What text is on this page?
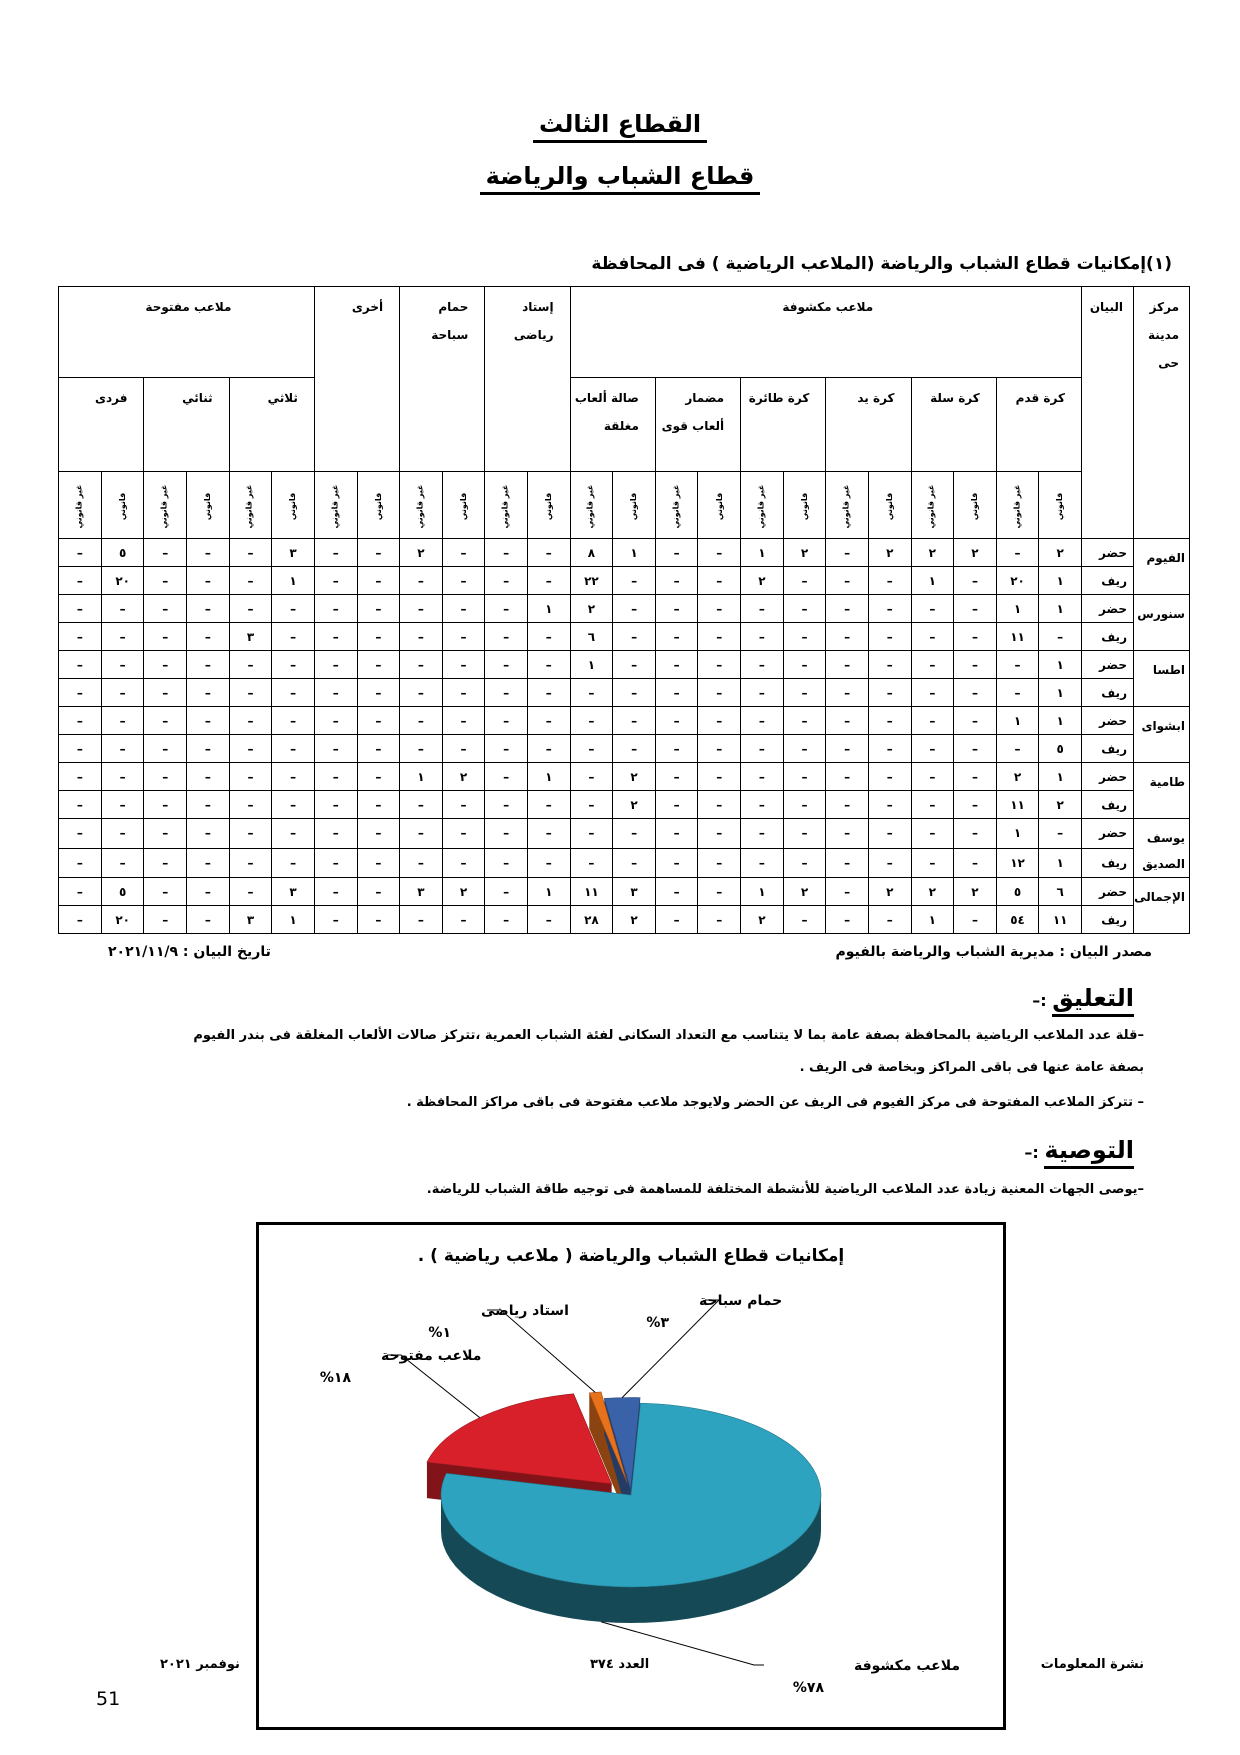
القطاع الثالث
قطاع الشباب والرياضة
(١)إمكانيات قطاع الشباب والرياضة (الملاعب الرياضية ) فى المحافظة
مركز مدينة حى	البيان	ملاعب مكشوفة												إستاد رياضى		حمام سباحة		أخرى		ملاعب مفتوحة					
		كرة قدم		كرة سلة		كرة يد		كرة طائرة		مضمار ألعاب قوى		صالة ألعاب مغلقة								ثلاثي		ثنائي		فردى	
		قانوني	غير قانوني	قانوني	غير قانوني	قانوني	غير قانوني	قانوني	غير قانوني	قانوني	غير قانوني	قانوني	غير قانوني	قانوني	غير قانوني	قانوني	غير قانوني	قانوني	غير قانوني	قانوني	غير قانوني	قانوني	غير قانوني	قانوني	غير قانوني
الفيوم	حضر	٢	–	٢	٢	٢	–	٢	١	–	–	١	٨	–	–	–	٢	–	–	٣	–	–	–	٥	–
	ريف	١	٢٠	–	١	–	–	–	٢	–	–	–	٢٢	–	–	–	–	–	–	١	–	–	–	٢٠	–
سنورس	حضر	١	١	–	–	–	–	–	–	–	–	–	٢	١	–	–	–	–	–	–	–	–	–	–	–
	ريف	–	١١	–	–	–	–	–	–	–	–	–	٦	–	–	–	–	–	–	–	٣	–	–	–	–
اطسا	حضر	١	–	–	–	–	–	–	–	–	–	–	١	–	–	–	–	–	–	–	–	–	–	–	–
	ريف	١	–	–	–	–	–	–	–	–	–	–	–	–	–	–	–	–	–	–	–	–	–	–	–
ابشواى	حضر	١	١	–	–	–	–	–	–	–	–	–	–	–	–	–	–	–	–	–	–	–	–	–	–
	ريف	٥	–	–	–	–	–	–	–	–	–	–	–	–	–	–	–	–	–	–	–	–	–	–	–
طامية	حضر	١	٢	–	–	–	–	–	–	–	–	٢	–	١	–	٢	١	–	–	–	–	–	–	–	–
	ريف	٢	١١	–	–	–	–	–	–	–	–	٢	–	–	–	–	–	–	–	–	–	–	–	–	–
يوسف الصديق	حضر	–	١	–	–	–	–	–	–	–	–	–	–	–	–	–	–	–	–	–	–	–	–	–	–
	ريف	١	١٢	–	–	–	–	–	–	–	–	–	–	–	–	–	–	–	–	–	–	–	–	–	–
الإجمالى	حضر	٦	٥	٢	٢	٢	–	٢	١	–	–	٣	١١	١	–	٢	٣	–	–	٣	–	–	–	٥	–
	ريف	١١	٥٤	–	١	–	–	–	٢	–	–	٢	٢٨	–	–	–	–	–	–	١	٣	–	–	٢٠	–
مصدر البيان : مديرية الشباب والرياضة بالفيوم
تاريخ البيان : ٢٠٢١/١١/٩
التعليق :–
–قلة عدد الملاعب الرياضية بالمحافظة بصفة عامة بما لا يتناسب مع التعداد السكانى لفئة الشباب العمرية ،تتركز صالات الألعاب المغلقة فى بندر الفيوم
بصفة عامة عنها فى باقى المراكز وبخاصة فى الريف .
– تتركز الملاعب المفتوحة فى مركز الفيوم فى الريف عن الحضر ولايوجد ملاعب مفتوحة فى باقى مراكز المحافظة .
التوصية :–
–يوصى الجهات المعنية زيادة عدد الملاعب الرياضية للأنشطة المختلفة للمساهمة فى توجيه طاقة الشباب للرياضة.
إمكانيات قطاع الشباب والرياضة ( ملاعب رياضية ) .
ملاعب مكشوفة
%٧٨
ملاعب مفتوحة
%١٨
استاد رياضى
%١
حمام سباحة
%٣
نشرة المعلومات
العدد ٣٧٤
نوفمبر ٢٠٢١
51
